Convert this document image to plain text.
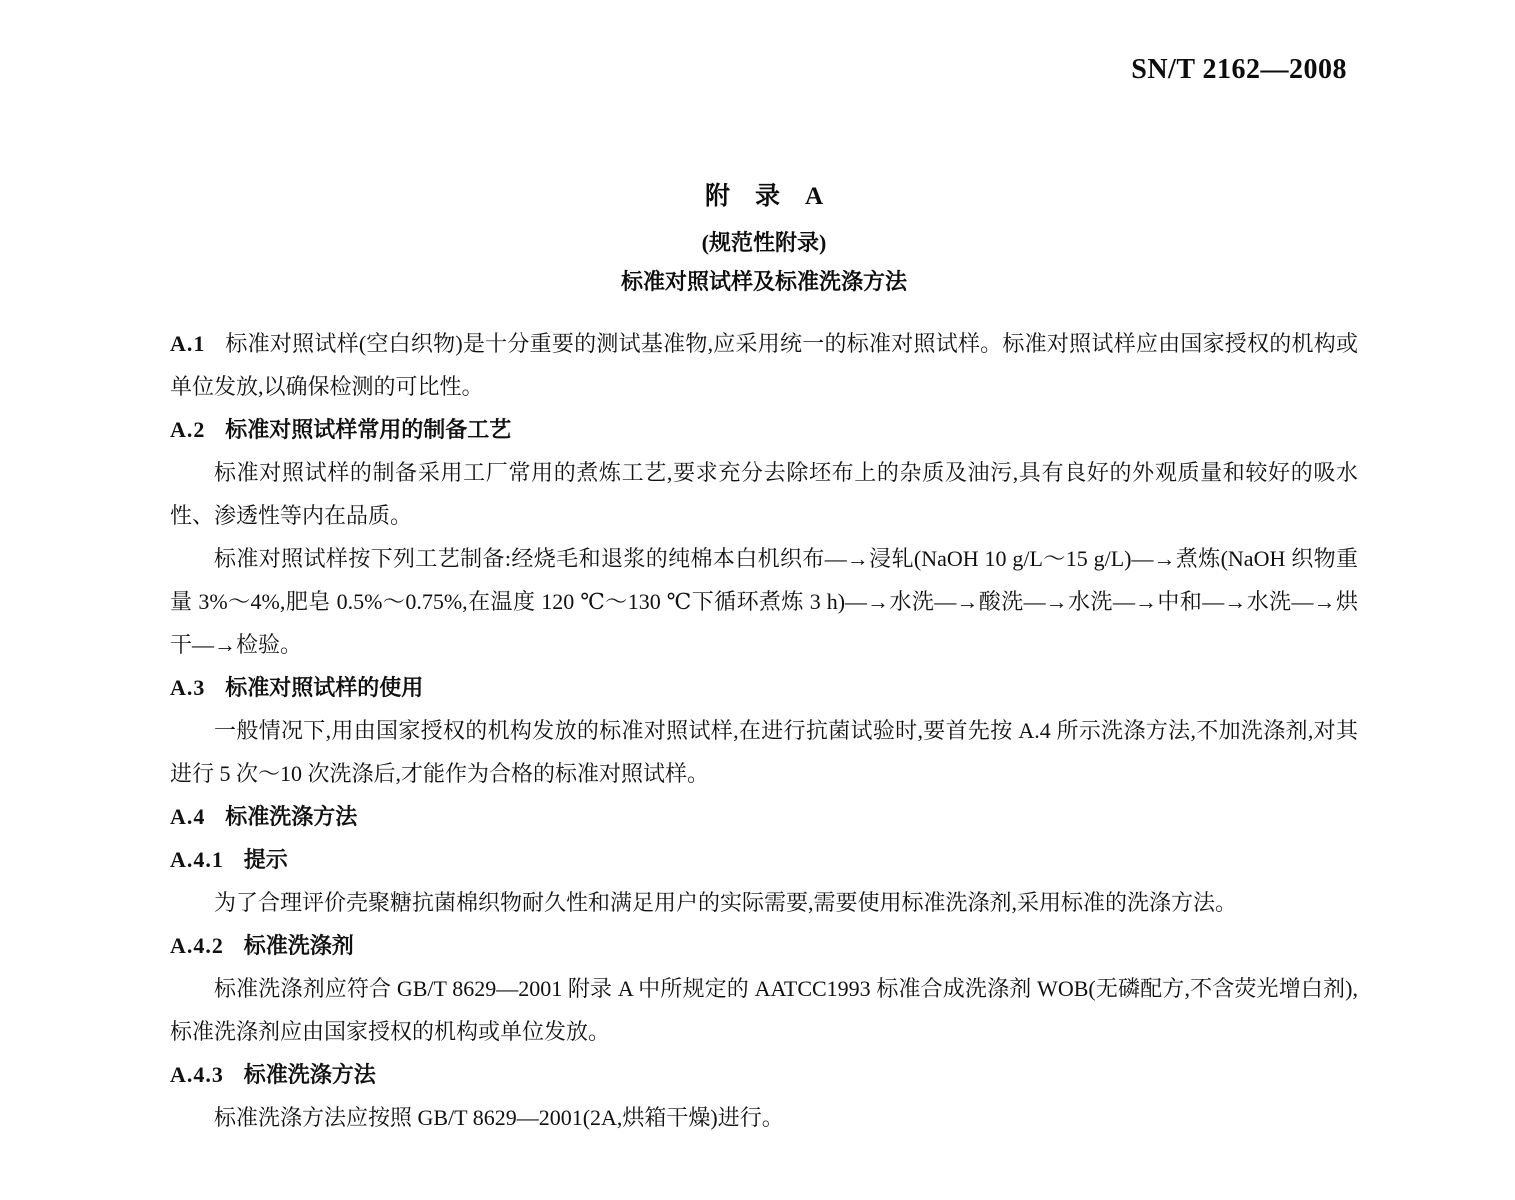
SN/T 2162—2008
附　录　A
(规范性附录)
标准对照试样及标准洗涤方法

A.1 标准对照试样(空白织物)是十分重要的测试基准物,应采用统一的标准对照试样。标准对照试样应由国家授权的机构或单位发放,以确保检测的可比性。

A.2 标准对照试样常用的制备工艺

标准对照试样的制备采用工厂常用的煮炼工艺,要求充分去除坯布上的杂质及油污,具有良好的外观质量和较好的吸水性、渗透性等内在品质。

标准对照试样按下列工艺制备:经烧毛和退浆的纯棉本白机织布—→浸轧(NaOH 10 g/L～15 g/L)—→煮炼(NaOH 织物重量 3%～4%,肥皂 0.5%～0.75%,在温度 120 ℃～130 ℃下循环煮炼 3 h)—→水洗—→酸洗—→水洗—→中和—→水洗—→烘干—→检验。

A.3 标准对照试样的使用

一般情况下,用由国家授权的机构发放的标准对照试样,在进行抗菌试验时,要首先按 A.4 所示洗涤方法,不加洗涤剂,对其进行 5 次～10 次洗涤后,才能作为合格的标准对照试样。

A.4 标准洗涤方法

A.4.1 提示

为了合理评价壳聚糖抗菌棉织物耐久性和满足用户的实际需要,需要使用标准洗涤剂,采用标准的洗涤方法。

A.4.2 标准洗涤剂

标准洗涤剂应符合 GB/T 8629—2001 附录 A 中所规定的 AATCC1993 标准合成洗涤剂 WOB(无磷配方,不含荧光增白剂),标准洗涤剂应由国家授权的机构或单位发放。

A.4.3 标准洗涤方法

标准洗涤方法应按照 GB/T 8629—2001(2A,烘箱干燥)进行。
